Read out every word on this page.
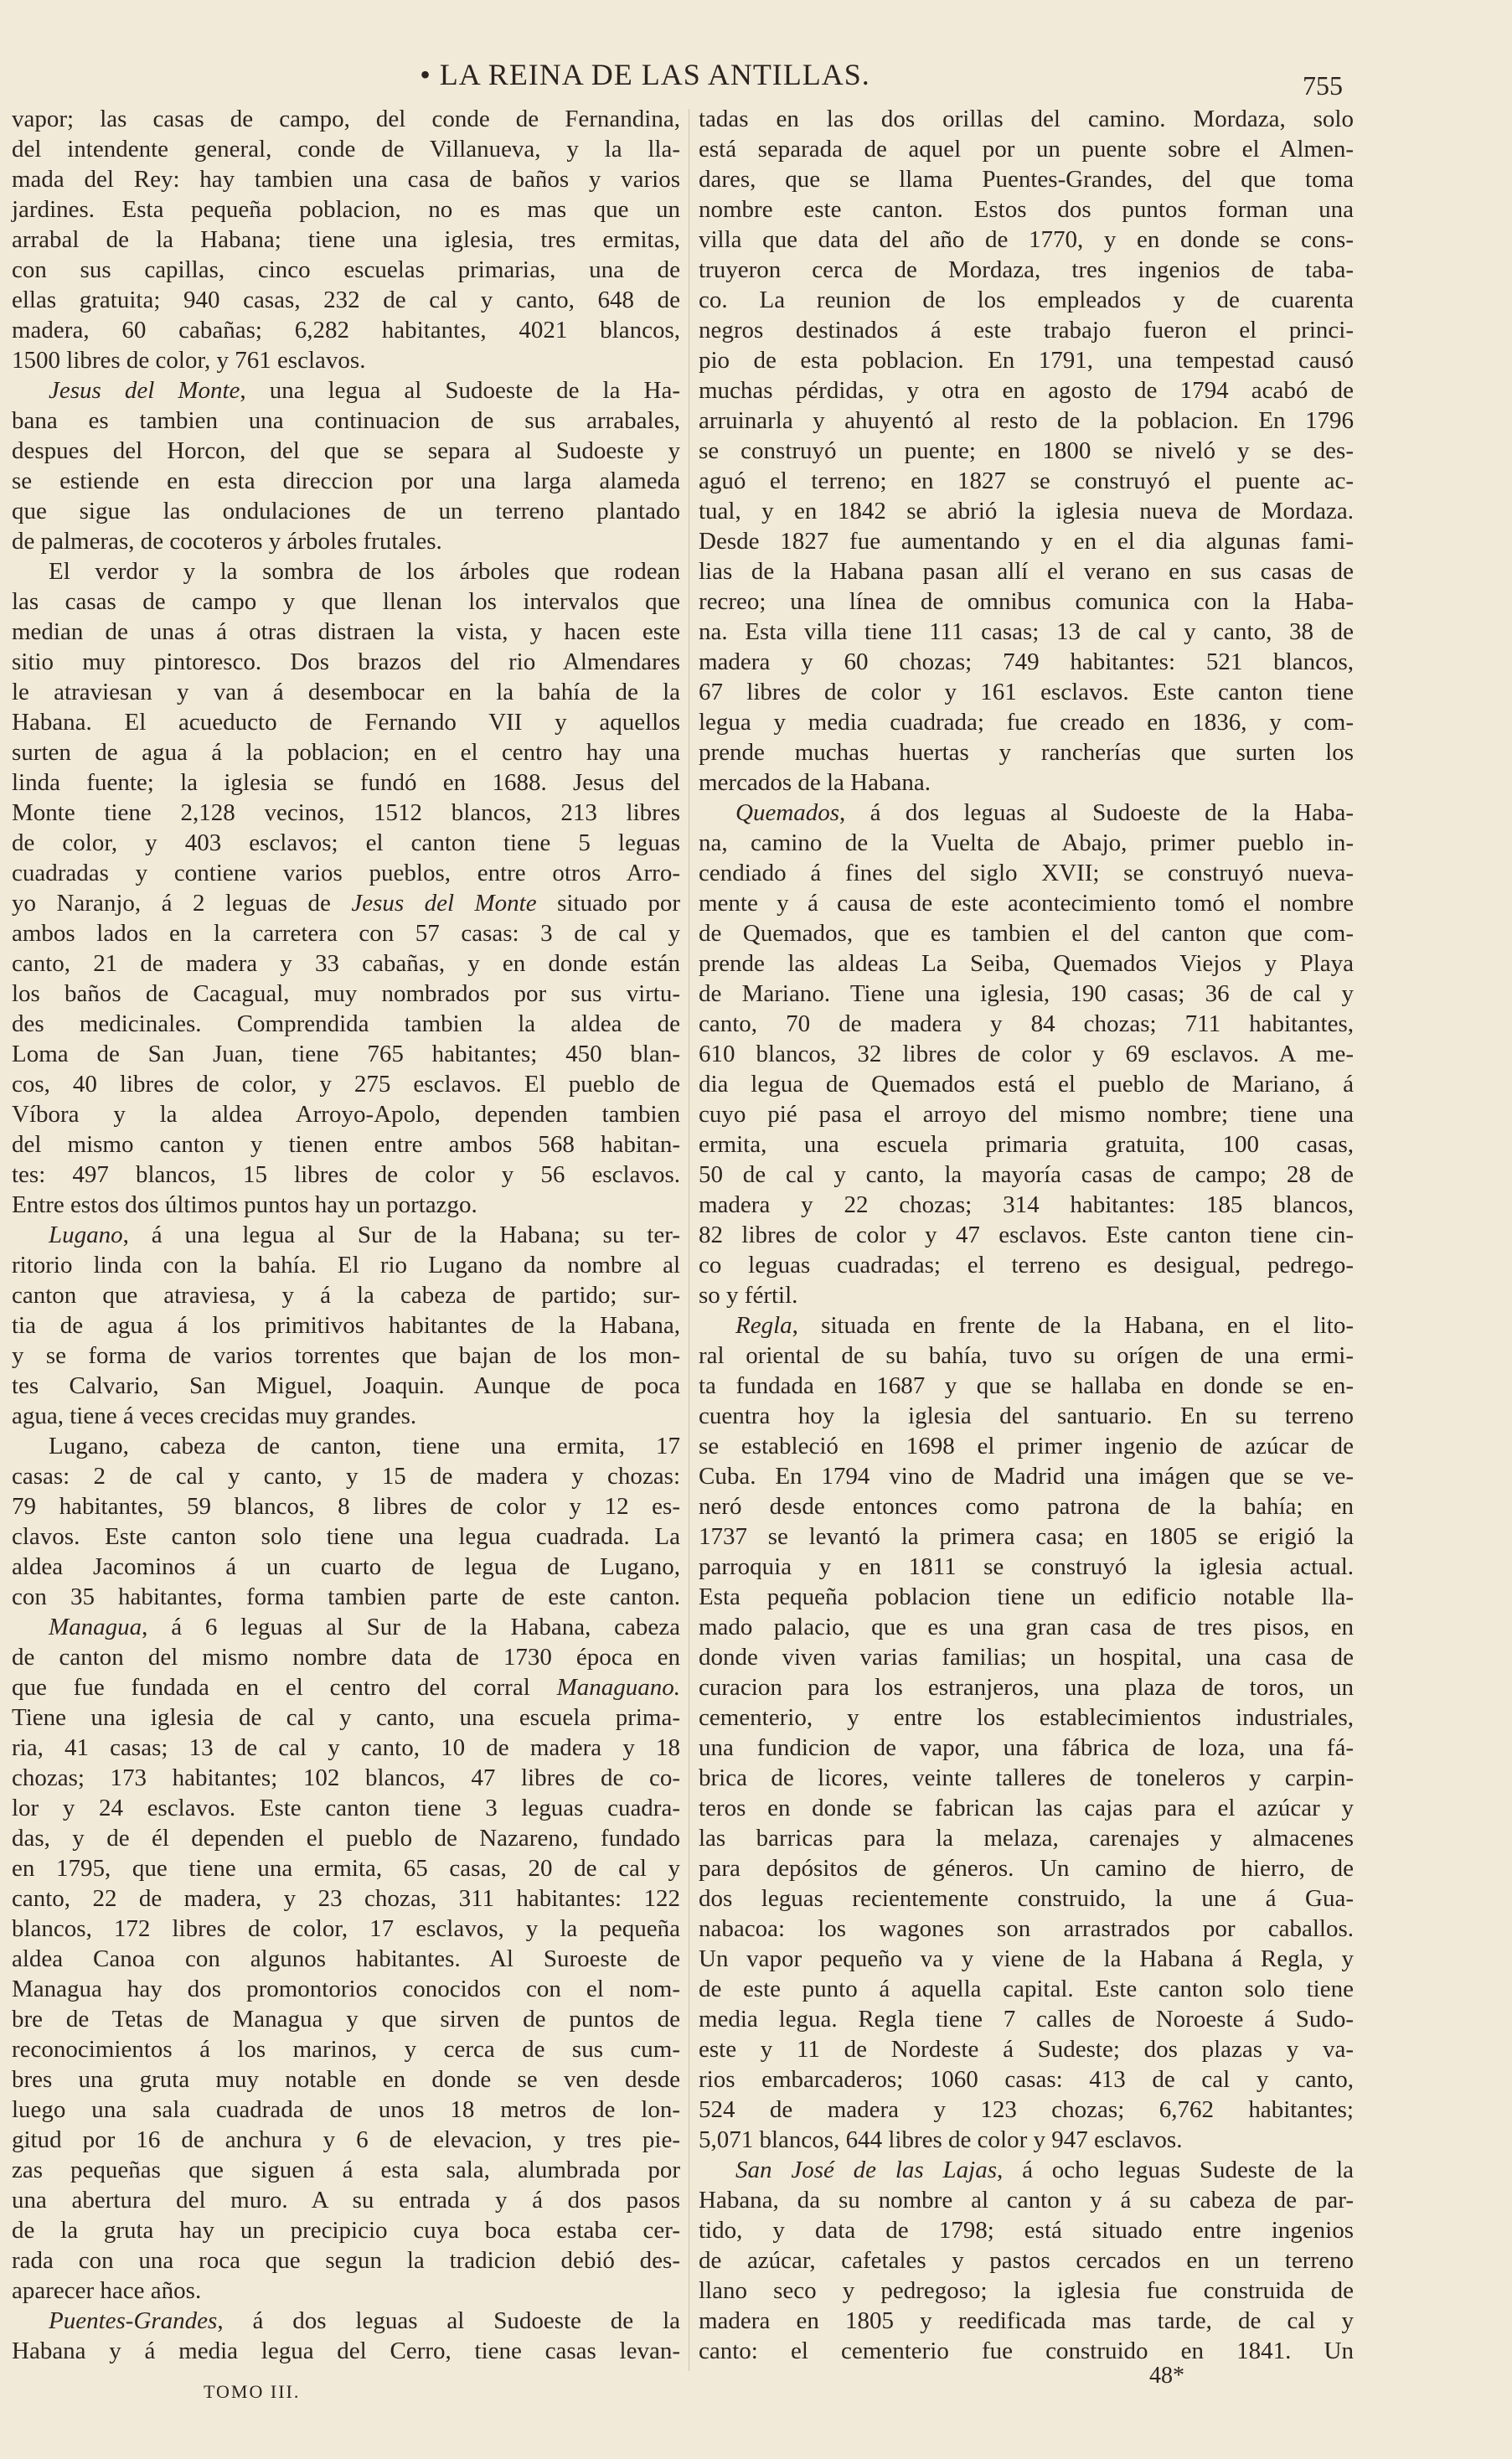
• LA REINA DE LAS ANTILLAS.	755
vapor; las casas de campo, del conde de Fernandina,
del intendente general, conde de Villanueva, y la lla-
mada del Rey: hay tambien una casa de baños y varios
jardines. Esta pequeña poblacion, no es mas que un
arrabal de la Habana; tiene una iglesia, tres ermitas,
con sus capillas, cinco escuelas primarias, una de
ellas gratuita; 940 casas, 232 de cal y canto, 648 de
madera, 60 cabañas; 6,282 habitantes, 4021 blancos,
1500 libres de color, y 761 esclavos.
Jesus del Monte, una legua al Sudoeste de la Ha-
bana es tambien una continuacion de sus arrabales,
despues del Horcon, del que se separa al Sudoeste y
se estiende en esta direccion por una larga alameda
que sigue las ondulaciones de un terreno plantado
de palmeras, de cocoteros y árboles frutales.
El verdor y la sombra de los árboles que rodean
las casas de campo y que llenan los intervalos que
median de unas á otras distraen la vista, y hacen este
sitio muy pintoresco. Dos brazos del rio Almendares
le atraviesan y van á desembocar en la bahía de la
Habana. El acueducto de Fernando VII y aquellos
surten de agua á la poblacion; en el centro hay una
linda fuente; la iglesia se fundó en 1688. Jesus del
Monte tiene 2,128 vecinos, 1512 blancos, 213 libres
de color, y 403 esclavos; el canton tiene 5 leguas
cuadradas y contiene varios pueblos, entre otros Arro-
yo Naranjo, á 2 leguas de Jesus del Monte situado por
ambos lados en la carretera con 57 casas: 3 de cal y
canto, 21 de madera y 33 cabañas, y en donde están
los baños de Cacagual, muy nombrados por sus virtu-
des medicinales. Comprendida tambien la aldea de
Loma de San Juan, tiene 765 habitantes; 450 blan-
cos, 40 libres de color, y 275 esclavos. El pueblo de
Víbora y la aldea Arroyo-Apolo, dependen tambien
del mismo canton y tienen entre ambos 568 habitan-
tes: 497 blancos, 15 libres de color y 56 esclavos.
Entre estos dos últimos puntos hay un portazgo.
Lugano, á una legua al Sur de la Habana; su ter-
ritorio linda con la bahía. El rio Lugano da nombre al
canton que atraviesa, y á la cabeza de partido; sur-
tia de agua á los primitivos habitantes de la Habana,
y se forma de varios torrentes que bajan de los mon-
tes Calvario, San Miguel, Joaquin. Aunque de poca
agua, tiene á veces crecidas muy grandes.
Lugano, cabeza de canton, tiene una ermita, 17
casas: 2 de cal y canto, y 15 de madera y chozas:
79 habitantes, 59 blancos, 8 libres de color y 12 es-
clavos. Este canton solo tiene una legua cuadrada. La
aldea Jacominos á un cuarto de legua de Lugano,
con 35 habitantes, forma tambien parte de este canton.
Managua, á 6 leguas al Sur de la Habana, cabeza
de canton del mismo nombre data de 1730 época en
que fue fundada en el centro del corral Managuano.
Tiene una iglesia de cal y canto, una escuela prima-
ria, 41 casas; 13 de cal y canto, 10 de madera y 18
chozas; 173 habitantes; 102 blancos, 47 libres de co-
lor y 24 esclavos. Este canton tiene 3 leguas cuadra-
das, y de él dependen el pueblo de Nazareno, fundado
en 1795, que tiene una ermita, 65 casas, 20 de cal y
canto, 22 de madera, y 23 chozas, 311 habitantes: 122
blancos, 172 libres de color, 17 esclavos, y la pequeña
aldea Canoa con algunos habitantes. Al Suroeste de
Managua hay dos promontorios conocidos con el nom-
bre de Tetas de Managua y que sirven de puntos de
reconocimientos á los marinos, y cerca de sus cum-
bres una gruta muy notable en donde se ven desde
luego una sala cuadrada de unos 18 metros de lon-
gitud por 16 de anchura y 6 de elevacion, y tres pie-
zas pequeñas que siguen á esta sala, alumbrada por
una abertura del muro. A su entrada y á dos pasos
de la gruta hay un precipicio cuya boca estaba cer-
rada con una roca que segun la tradicion debió des-
aparecer hace años.
Puentes-Grandes, á dos leguas al Sudoeste de la
Habana y á media legua del Cerro, tiene casas levan-
tadas en las dos orillas del camino. Mordaza, solo
está separada de aquel por un puente sobre el Almen-
dares, que se llama Puentes-Grandes, del que toma
nombre este canton. Estos dos puntos forman una
villa que data del año de 1770, y en donde se cons-
truyeron cerca de Mordaza, tres ingenios de taba-
co. La reunion de los empleados y de cuarenta
negros destinados á este trabajo fueron el princi-
pio de esta poblacion. En 1791, una tempestad causó
muchas pérdidas, y otra en agosto de 1794 acabó de
arruinarla y ahuyentó al resto de la poblacion. En 1796
se construyó un puente; en 1800 se niveló y se des-
aguó el terreno; en 1827 se construyó el puente ac-
tual, y en 1842 se abrió la iglesia nueva de Mordaza.
Desde 1827 fue aumentando y en el dia algunas fami-
lias de la Habana pasan allí el verano en sus casas de
recreo; una línea de omnibus comunica con la Haba-
na. Esta villa tiene 111 casas; 13 de cal y canto, 38 de
madera y 60 chozas; 749 habitantes: 521 blancos,
67 libres de color y 161 esclavos. Este canton tiene
legua y media cuadrada; fue creado en 1836, y com-
prende muchas huertas y rancherías que surten los
mercados de la Habana.
Quemados, á dos leguas al Sudoeste de la Haba-
na, camino de la Vuelta de Abajo, primer pueblo in-
cendiado á fines del siglo XVII; se construyó nueva-
mente y á causa de este acontecimiento tomó el nombre
de Quemados, que es tambien el del canton que com-
prende las aldeas La Seiba, Quemados Viejos y Playa
de Mariano. Tiene una iglesia, 190 casas; 36 de cal y
canto, 70 de madera y 84 chozas; 711 habitantes,
610 blancos, 32 libres de color y 69 esclavos. A me-
dia legua de Quemados está el pueblo de Mariano, á
cuyo pié pasa el arroyo del mismo nombre; tiene una
ermita, una escuela primaria gratuita, 100 casas,
50 de cal y canto, la mayoría casas de campo; 28 de
madera y 22 chozas; 314 habitantes: 185 blancos,
82 libres de color y 47 esclavos. Este canton tiene cin-
co leguas cuadradas; el terreno es desigual, pedrego-
so y fértil.
Regla, situada en frente de la Habana, en el lito-
ral oriental de su bahía, tuvo su orígen de una ermi-
ta fundada en 1687 y que se hallaba en donde se en-
cuentra hoy la iglesia del santuario. En su terreno
se estableció en 1698 el primer ingenio de azúcar de
Cuba. En 1794 vino de Madrid una imágen que se ve-
neró desde entonces como patrona de la bahía; en
1737 se levantó la primera casa; en 1805 se erigió la
parroquia y en 1811 se construyó la iglesia actual.
Esta pequeña poblacion tiene un edificio notable lla-
mado palacio, que es una gran casa de tres pisos, en
donde viven varias familias; un hospital, una casa de
curacion para los estranjeros, una plaza de toros, un
cementerio, y entre los establecimientos industriales,
una fundicion de vapor, una fábrica de loza, una fá-
brica de licores, veinte talleres de toneleros y carpin-
teros en donde se fabrican las cajas para el azúcar y
las barricas para la melaza, carenajes y almacenes
para depósitos de géneros. Un camino de hierro, de
dos leguas recientemente construido, la une á Gua-
nabacoa: los wagones son arrastrados por caballos.
Un vapor pequeño va y viene de la Habana á Regla, y
de este punto á aquella capital. Este canton solo tiene
media legua. Regla tiene 7 calles de Noroeste á Sudo-
este y 11 de Nordeste á Sudeste; dos plazas y va-
rios embarcaderos; 1060 casas: 413 de cal y canto,
524 de madera y 123 chozas; 6,762 habitantes;
5,071 blancos, 644 libres de color y 947 esclavos.
San José de las Lajas, á ocho leguas Sudeste de la
Habana, da su nombre al canton y á su cabeza de par-
tido, y data de 1798; está situado entre ingenios
de azúcar, cafetales y pastos cercados en un terreno
llano seco y pedregoso; la iglesia fue construida de
madera en 1805 y reedificada mas tarde, de cal y
canto: el cementerio fue construido en 1841. Un
TOMO III.
48*
